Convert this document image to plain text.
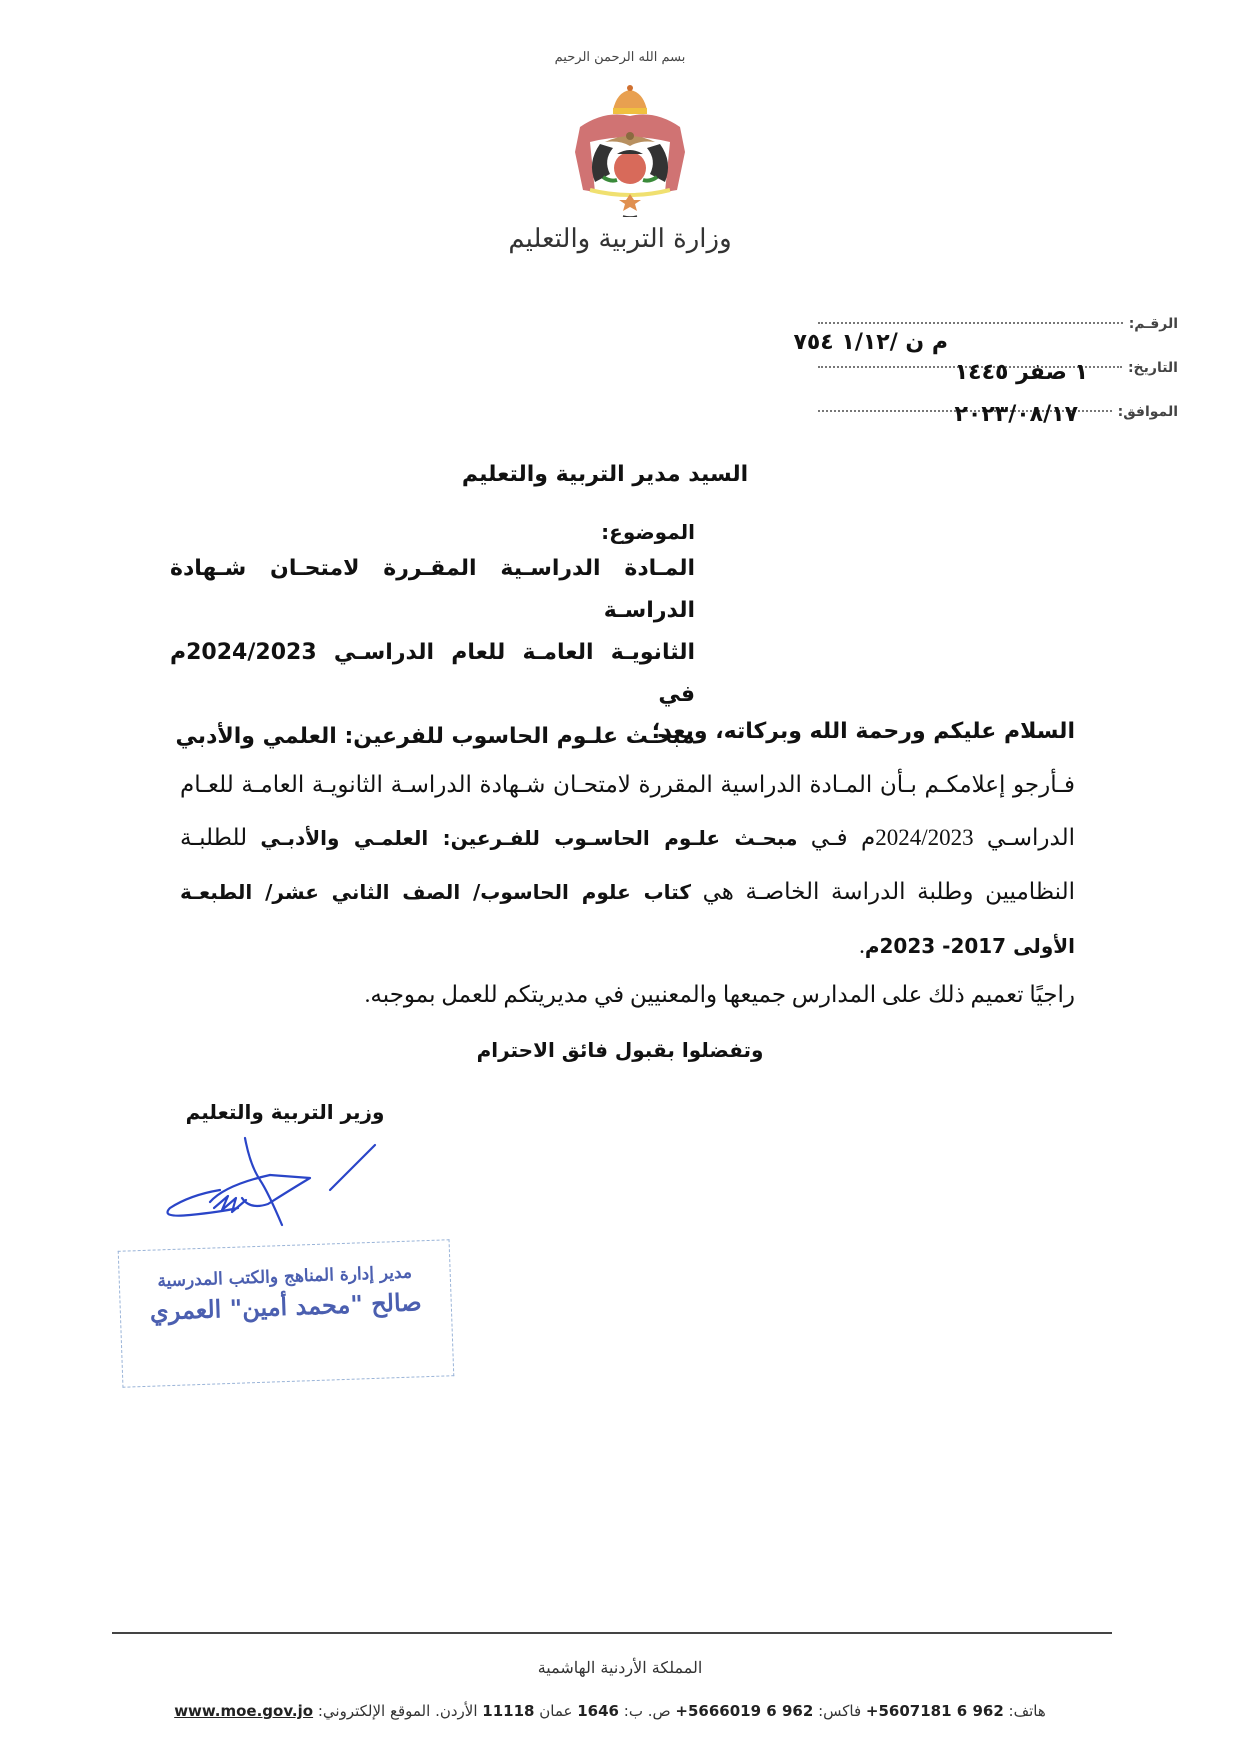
بسم الله الرحمن الرحيم
وزارة التربية والتعليم
الرقـم:
م ن /١/١٢ ٧٥٤
التاريخ:
١ صفر ١٤٤٥
الموافق:
٢٠٢٣/٠٨/١٧
السيد مدير التربية والتعليم
الموضوع:
المـادة الدراسـية المقـررة لامتحـان شـهادة الدراسـة
الثانويـة العامـة للعام الدراسـي 2024/2023م في
مبحـث علـوم الحاسوب للفرعين: العلمي والأدبي
السلام عليكم ورحمة الله وبركاته، وبعد؛
فـأرجو إعلامكـم بـأن المـادة الدراسية المقررة لامتحـان شـهادة الدراسـة الثانويـة العامـة للعـام الدراسـي 2024/2023م فـي مبحـث علـوم الحاسـوب للفـرعين: العلمـي والأدبـي للطلبـة النظاميين وطلبة الدراسة الخاصـة هي كتاب علوم الحاسوب/ الصف الثاني عشر/ الطبعـة الأولى 2017- 2023م.
راجيًا تعميم ذلك على المدارس جميعها والمعنيين في مديريتكم للعمل بموجبه.
وتفضلوا بقبول فائق الاحترام
وزير التربية والتعليم
مدير إدارة المناهج والكتب المدرسية
صالح "محمد أمين" العمري
المملكة الأردنية الهاشمية
هاتف: 962 6 5607181+ فاكس: 962 6 5666019+ ص. ب: 1646 عمان 11118 الأردن. الموقع الإلكتروني: www.moe.gov.jo
